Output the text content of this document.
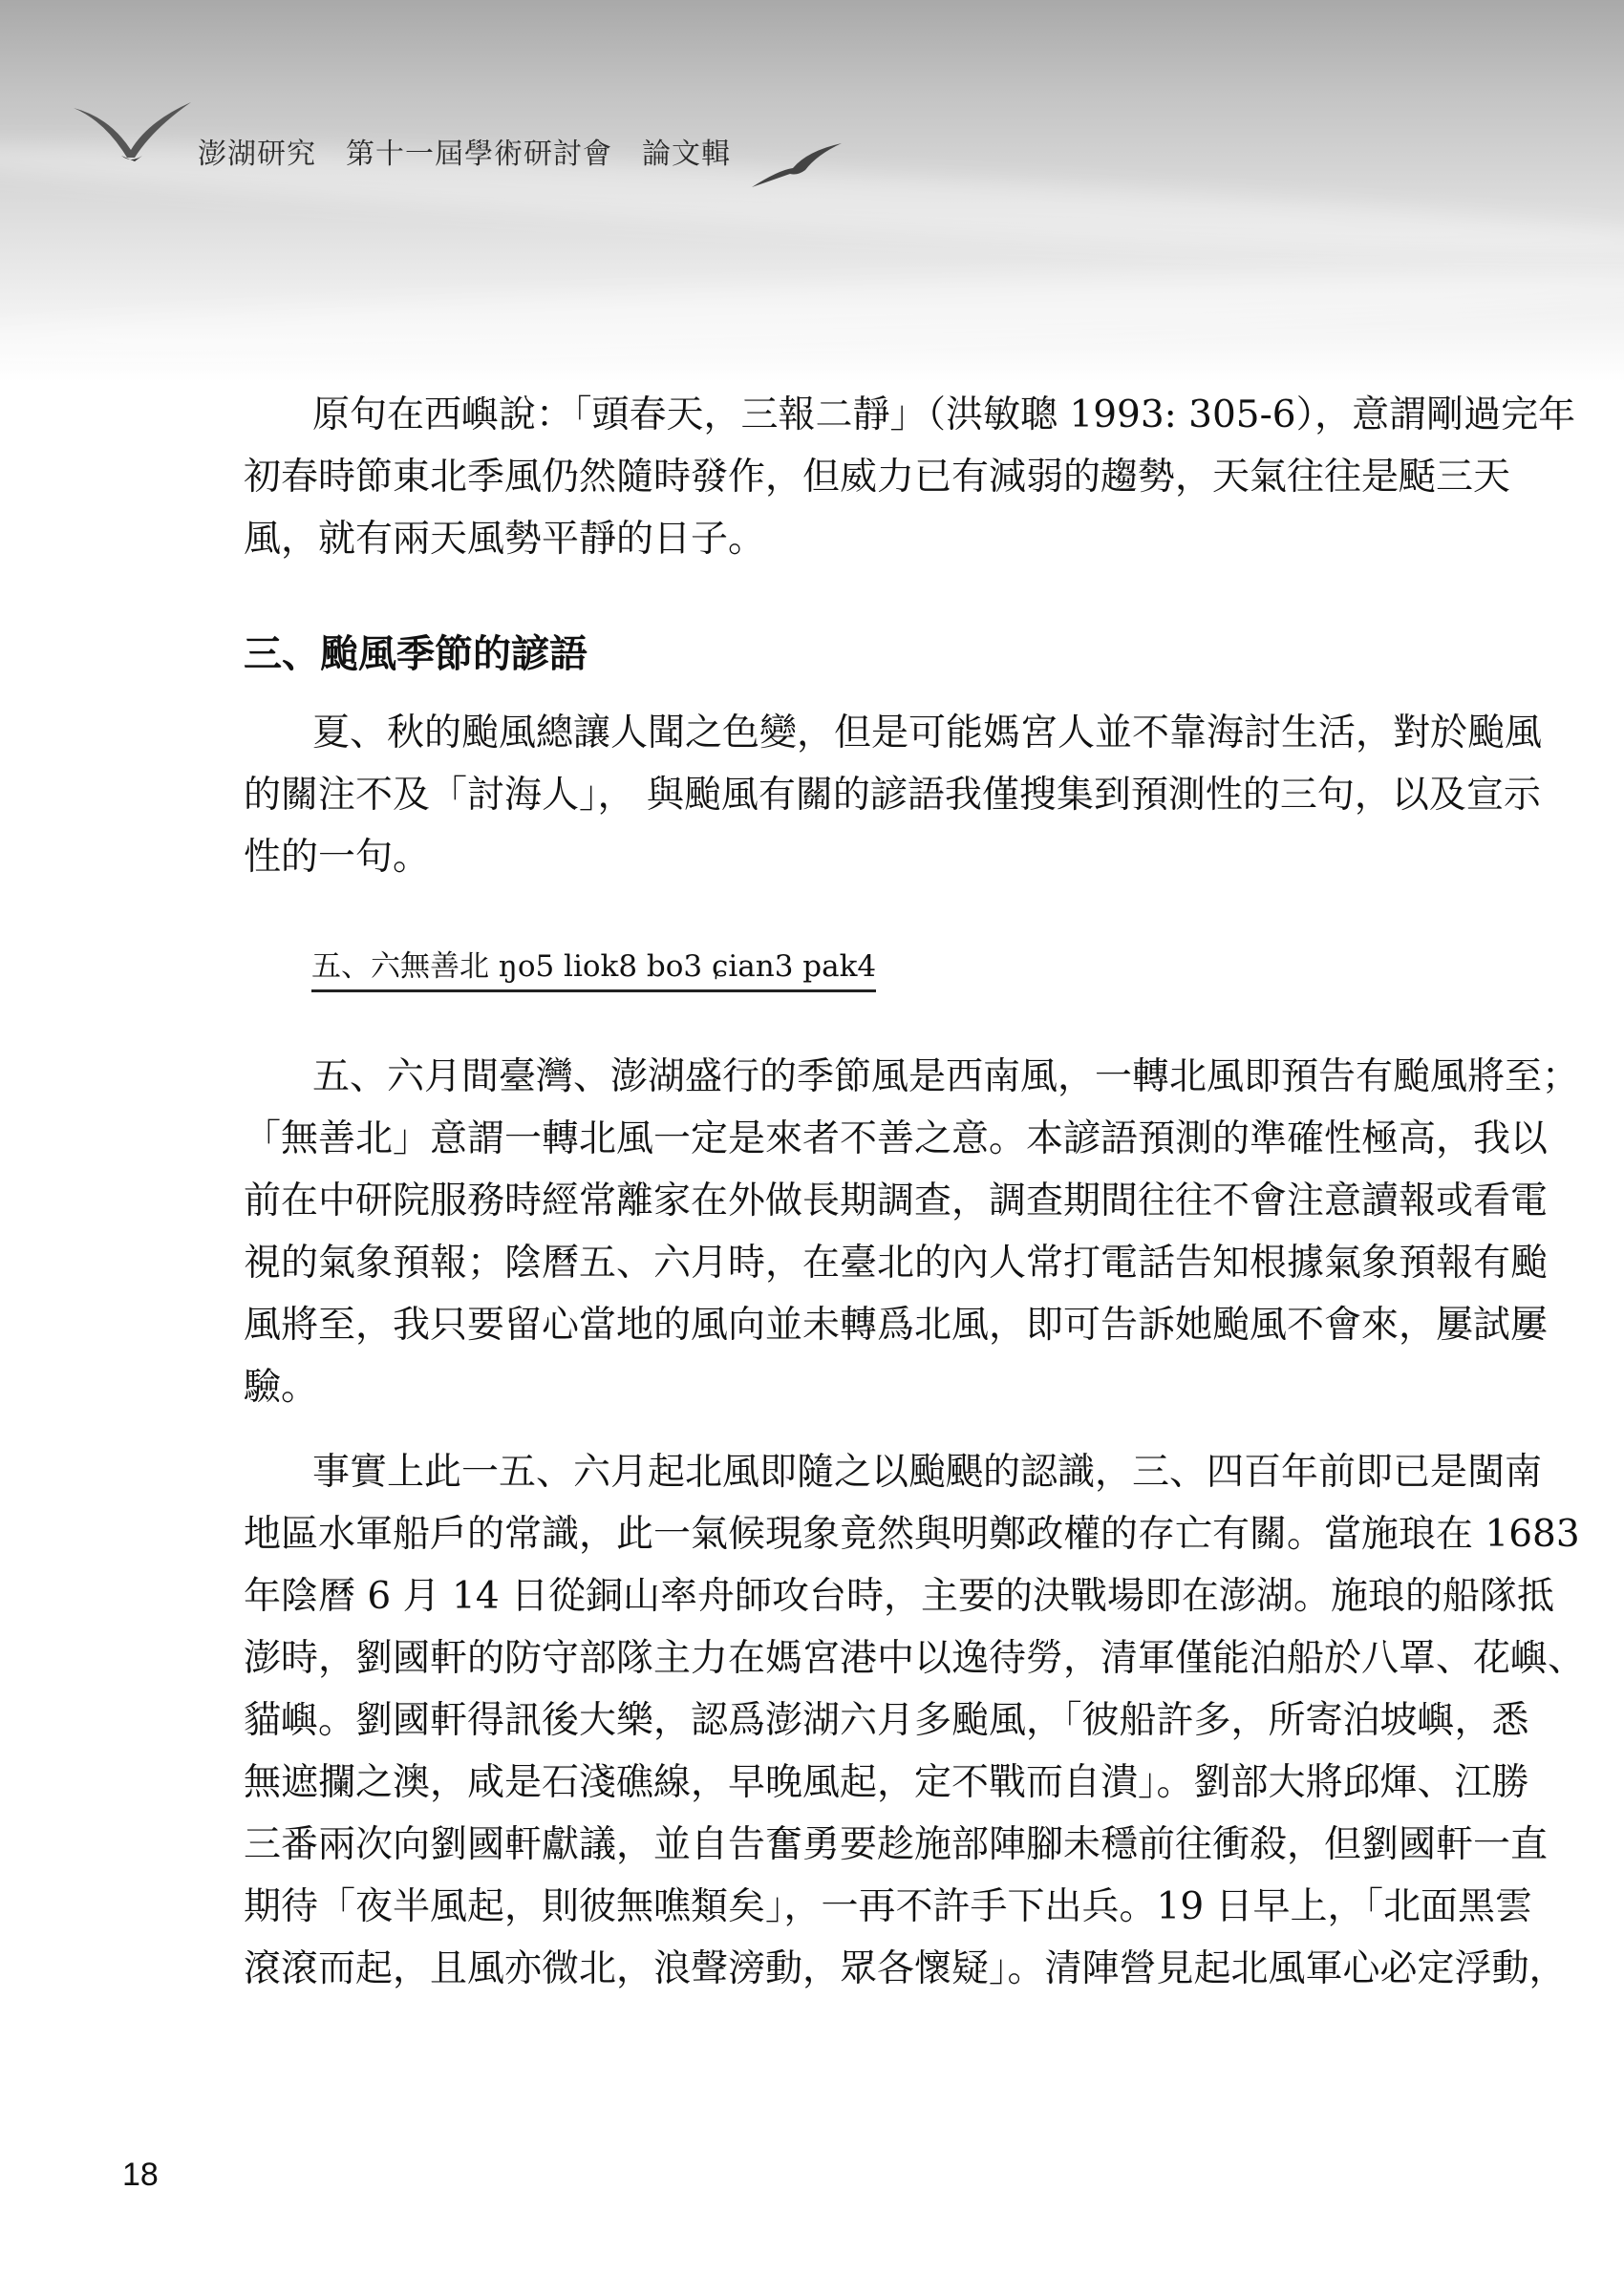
澎湖研究　第十一屆學術研討會　論文輯
原句在西嶼說：「頭春天，三報二靜」（洪敏聰 1993: 305-6），意謂剛過完年
初春時節東北季風仍然隨時發作，但威力已有減弱的趨勢，天氣往往是颳三天
風，就有兩天風勢平靜的日子。
三、颱風季節的諺語
夏、秋的颱風總讓人聞之色變，但是可能媽宮人並不靠海討生活，對於颱風
的關注不及「討海人」， 與颱風有關的諺語我僅搜集到預測性的三句，以及宣示
性的一句。
五、六無善北 ŋo5 liok8 bo3 ɕian3 pak4
五、六月間臺灣、澎湖盛行的季節風是西南風，一轉北風即預告有颱風將至；
「無善北」意謂一轉北風一定是來者不善之意。本諺語預測的準確性極高，我以
前在中研院服務時經常離家在外做長期調查，調查期間往往不會注意讀報或看電
視的氣象預報；陰曆五、六月時，在臺北的內人常打電話告知根據氣象預報有颱
風將至，我只要留心當地的風向並未轉爲北風，即可告訴她颱風不會來，屢試屢
驗。
事實上此一五、六月起北風即隨之以颱颶的認識，三、四百年前即已是閩南
地區水軍船戶的常識，此一氣候現象竟然與明鄭政權的存亡有關。當施琅在 1683
年陰曆 6 月 14 日從銅山率舟師攻台時，主要的決戰場即在澎湖。施琅的船隊抵
澎時，劉國軒的防守部隊主力在媽宮港中以逸待勞，清軍僅能泊船於八罩、花嶼、
貓嶼。劉國軒得訊後大樂，認爲澎湖六月多颱風，「彼船許多，所寄泊坡嶼，悉
無遮攔之澳，咸是石淺礁線，早晚風起，定不戰而自潰」。劉部大將邱煇、江勝
三番兩次向劉國軒獻議，並自告奮勇要趁施部陣腳未穩前往衝殺，但劉國軒一直
期待「夜半風起，則彼無噍類矣」，一再不許手下出兵。19 日早上，「北面黑雲
滾滾而起，且風亦微北，浪聲滂動，眾各懷疑」。清陣營見起北風軍心必定浮動，
18
